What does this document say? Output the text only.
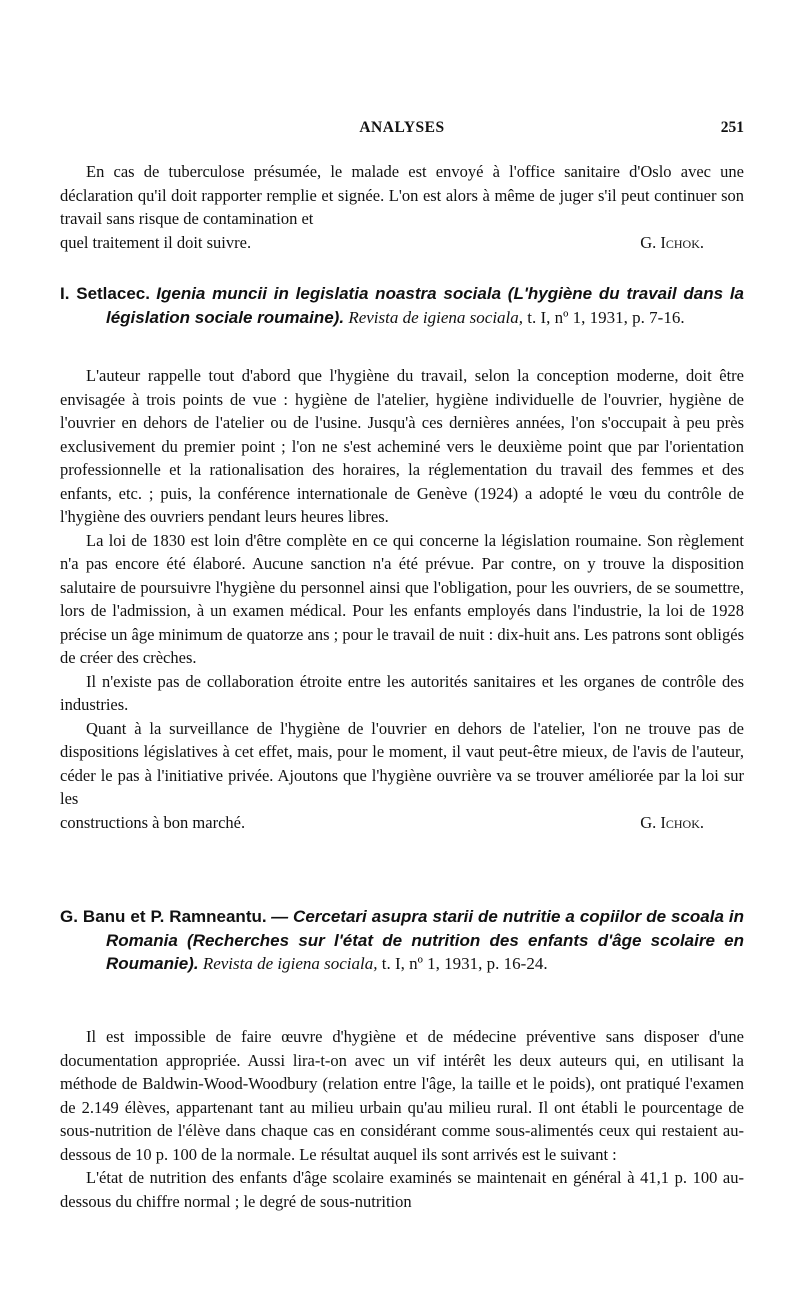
ANALYSES	251

En cas de tuberculose présumée, le malade est envoyé à l'office sanitaire d'Oslo avec une déclaration qu'il doit rapporter remplie et signée. L'on est alors à même de juger s'il peut continuer son travail sans risque de contamination et

quel traitement il doit suivre.	G. Ichok.

I. Setlacec. Igenia muncii in legislatia noastra sociala (L'hygiène du travail dans la législation sociale roumaine). Revista de igiena sociala, t. I, nº 1, 1931, p. 7-16.

L'auteur rappelle tout d'abord que l'hygiène du travail, selon la conception moderne, doit être envisagée à trois points de vue : hygiène de l'atelier, hygiène individuelle de l'ouvrier, hygiène de l'ouvrier en dehors de l'atelier ou de l'usine. Jusqu'à ces dernières années, l'on s'occupait à peu près exclusivement du premier point ; l'on ne s'est acheminé vers le deuxième point que par l'orientation professionnelle et la rationalisation des horaires, la réglementation du travail des femmes et des enfants, etc. ; puis, la conférence internationale de Genève (1924) a adopté le vœu du contrôle de l'hygiène des ouvriers pendant leurs heures libres.

La loi de 1830 est loin d'être complète en ce qui concerne la législation roumaine. Son règlement n'a pas encore été élaboré. Aucune sanction n'a été prévue. Par contre, on y trouve la disposition salutaire de poursuivre l'hygiène du personnel ainsi que l'obligation, pour les ouvriers, de se soumettre, lors de l'admission, à un examen médical. Pour les enfants employés dans l'industrie, la loi de 1928 précise un âge minimum de quatorze ans ; pour le travail de nuit : dix-huit ans. Les patrons sont obligés de créer des crèches.

Il n'existe pas de collaboration étroite entre les autorités sanitaires et les organes de contrôle des industries.

Quant à la surveillance de l'hygiène de l'ouvrier en dehors de l'atelier, l'on ne trouve pas de dispositions législatives à cet effet, mais, pour le moment, il vaut peut-être mieux, de l'avis de l'auteur, céder le pas à l'initiative privée. Ajoutons que l'hygiène ouvrière va se trouver améliorée par la loi sur les

constructions à bon marché.	G. Ichok.

G. Banu et P. Ramneantu. — Cercetari asupra starii de nutritie a copiilor de scoala in Romania (Recherches sur l'état de nutrition des enfants d'âge scolaire en Roumanie). Revista de igiena sociala, t. I, nº 1, 1931, p. 16-24.

Il est impossible de faire œuvre d'hygiène et de médecine préventive sans disposer d'une documentation appropriée. Aussi lira-t-on avec un vif intérêt les deux auteurs qui, en utilisant la méthode de Baldwin-Wood-Woodbury (relation entre l'âge, la taille et le poids), ont pratiqué l'examen de 2.149 élèves, appartenant tant au milieu urbain qu'au milieu rural. Il ont établi le pourcentage de sous-nutrition de l'élève dans chaque cas en considérant comme sous-alimentés ceux qui restaient au-dessous de 10 p. 100 de la normale. Le résultat auquel ils sont arrivés est le suivant :

L'état de nutrition des enfants d'âge scolaire examinés se maintenait en général à 41,1 p. 100 au-dessous du chiffre normal ; le degré de sous-nutrition
